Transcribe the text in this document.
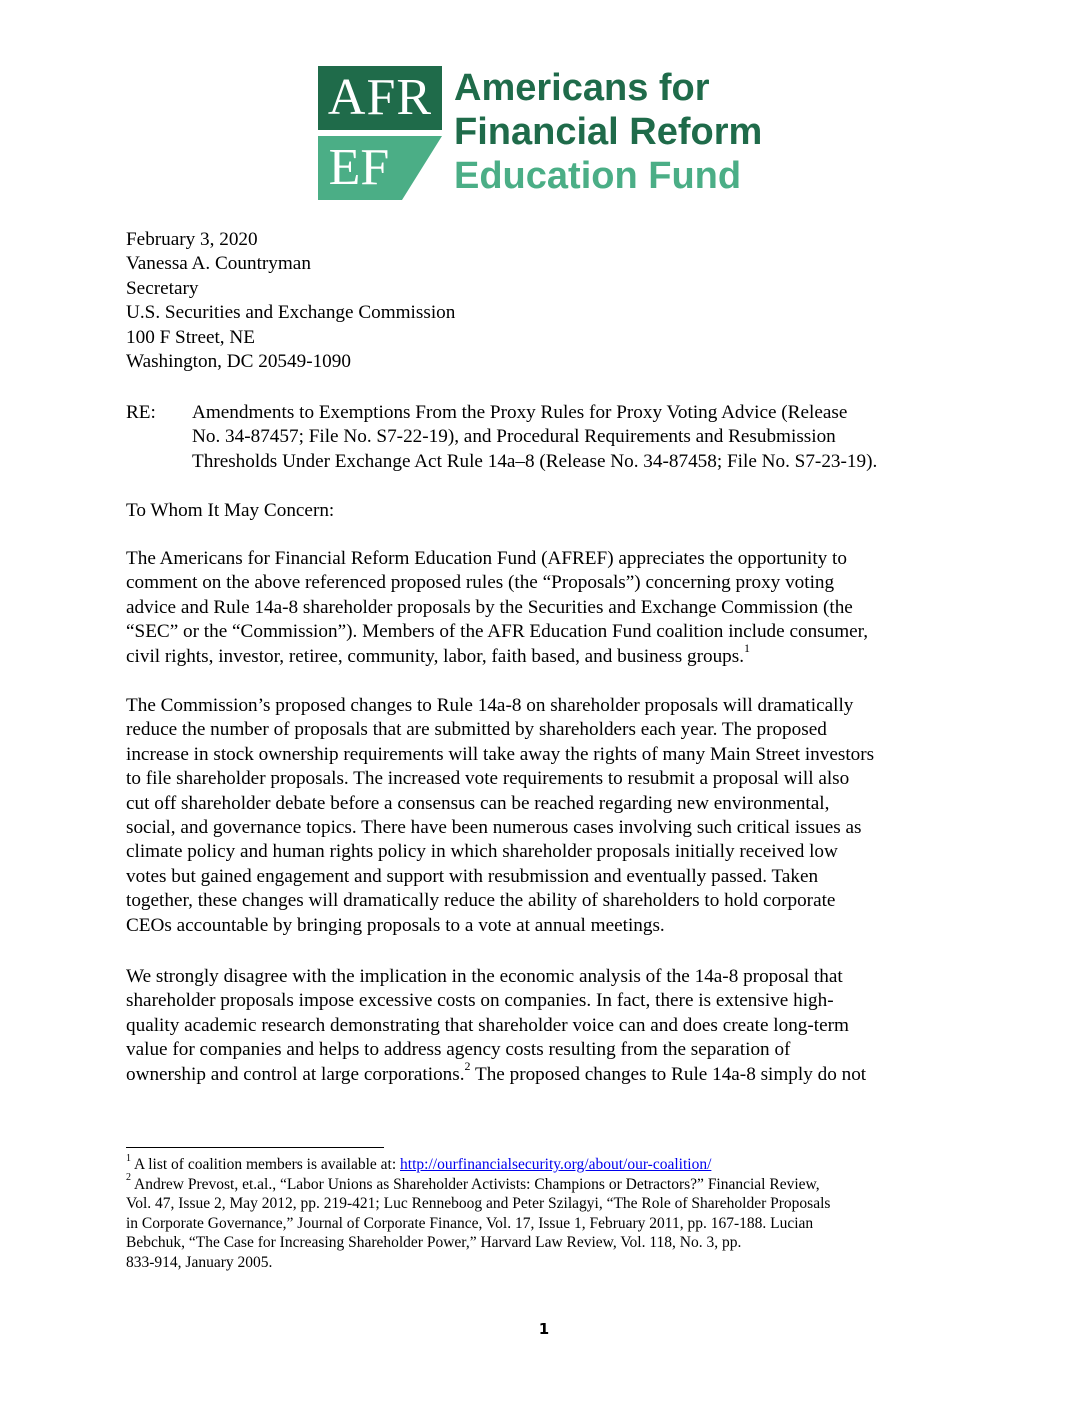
AFR
EF
Americans for
Financial Reform
Education Fund
February 3, 2020
Vanessa A. Countryman
Secretary
U.S. Securities and Exchange Commission
100 F Street, NE
Washington, DC 20549-1090
RE: Amendments to Exemptions From the Proxy Rules for Proxy Voting Advice (Release
No. 34-87457; File No. S7-22-19), and Procedural Requirements and Resubmission
Thresholds Under Exchange Act Rule 14a–8 (Release No. 34-87458; File No. S7-23-19).
To Whom It May Concern:
The Americans for Financial Reform Education Fund (AFREF) appreciates the opportunity to
comment on the above referenced proposed rules (the “Proposals”) concerning proxy voting
advice and Rule 14a-8 shareholder proposals by the Securities and Exchange Commission (the
“SEC” or the “Commission”). Members of the AFR Education Fund coalition include consumer,
civil rights, investor, retiree, community, labor, faith based, and business groups.$^1$
The Commission’s proposed changes to Rule 14a-8 on shareholder proposals will dramatically
reduce the number of proposals that are submitted by shareholders each year. The proposed
increase in stock ownership requirements will take away the rights of many Main Street investors
to file shareholder proposals. The increased vote requirements to resubmit a proposal will also
cut off shareholder debate before a consensus can be reached regarding new environmental,
social, and governance topics. There have been numerous cases involving such critical issues as
climate policy and human rights policy in which shareholder proposals initially received low
votes but gained engagement and support with resubmission and eventually passed. Taken
together, these changes will dramatically reduce the ability of shareholders to hold corporate
CEOs accountable by bringing proposals to a vote at annual meetings.
We strongly disagree with the implication in the economic analysis of the 14a-8 proposal that
shareholder proposals impose excessive costs on companies. In fact, there is extensive high-
quality academic research demonstrating that shareholder voice can and does create long-term
value for companies and helps to address agency costs resulting from the separation of
ownership and control at large corporations.$^2$ The proposed changes to Rule 14a-8 simply do not
$^1$ A list of coalition members is available at: http://ourfinancialsecurity.org/about/our-coalition/
$^2$ Andrew Prevost, et.al., “Labor Unions as Shareholder Activists: Champions or Detractors?” Financial Review,
Vol. 47, Issue 2, May 2012, pp. 219-421; Luc Renneboog and Peter Szilagyi, “The Role of Shareholder Proposals
in Corporate Governance,” Journal of Corporate Finance, Vol. 17, Issue 1, February 2011, pp. 167-188. Lucian
Bebchuk, “The Case for Increasing Shareholder Power,” Harvard Law Review, Vol. 118, No. 3, pp.
833-914, January 2005.
1
